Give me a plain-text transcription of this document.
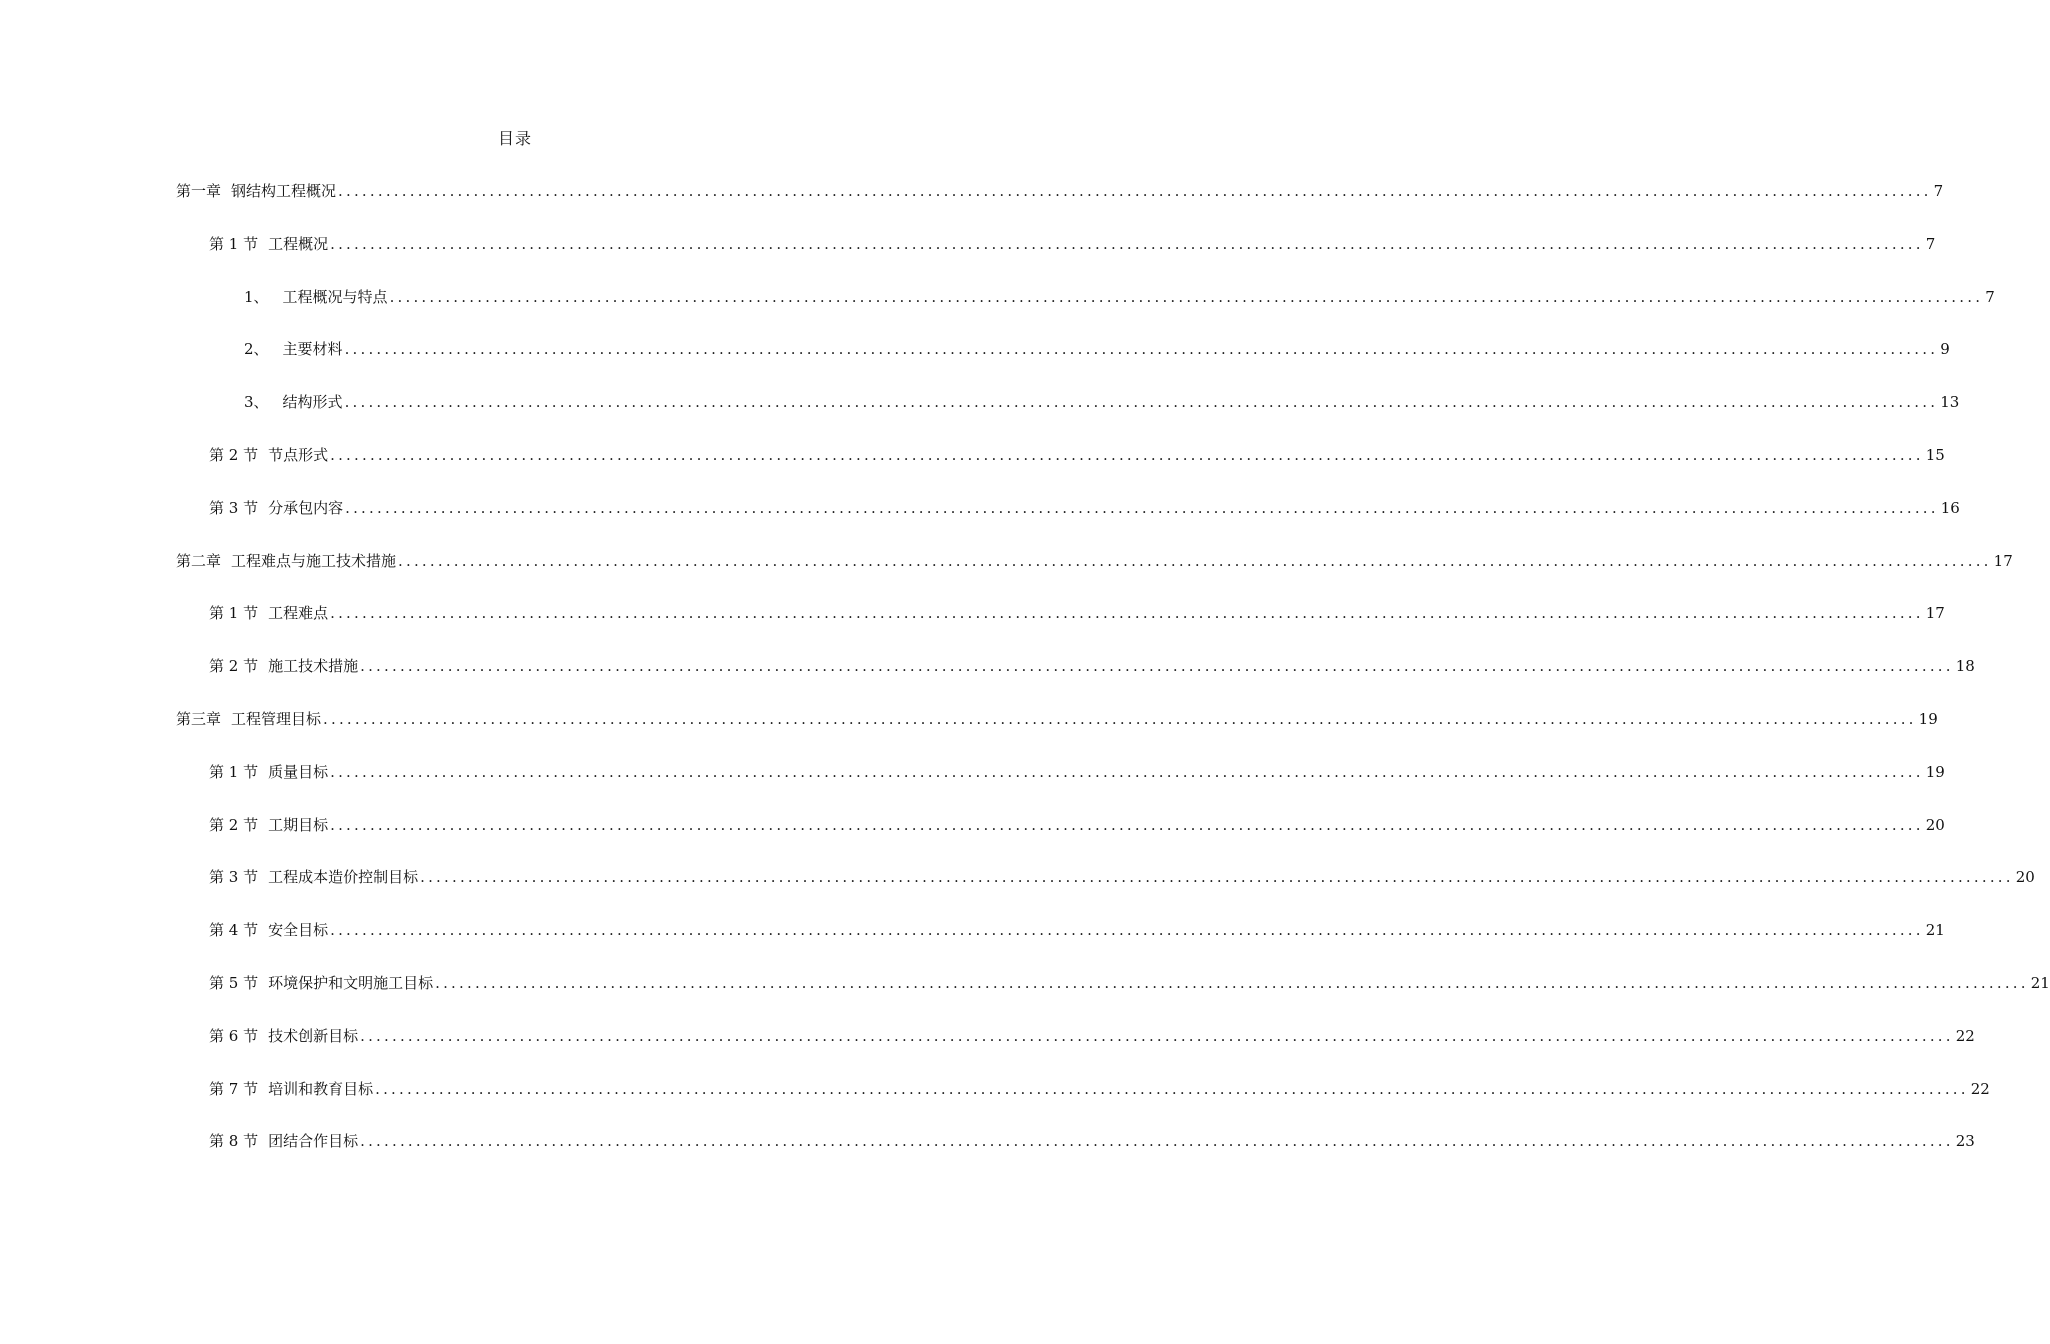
目录
第一章 钢结构工程概况 ........................................................................................................................................................................................................ 7
第 1 节 工程概况 ........................................................................................................................................................................................................ 7
1、 工程概况与特点 ........................................................................................................................................................................................................ 7
2、 主要材料 ........................................................................................................................................................................................................ 9
3、 结构形式 ........................................................................................................................................................................................................ 13
第 2 节 节点形式 ........................................................................................................................................................................................................ 15
第 3 节 分承包内容 ........................................................................................................................................................................................................ 16
第二章 工程难点与施工技术措施 ........................................................................................................................................................................................................ 17
第 1 节 工程难点 ........................................................................................................................................................................................................ 17
第 2 节 施工技术措施 ........................................................................................................................................................................................................ 18
第三章 工程管理目标 ........................................................................................................................................................................................................ 19
第 1 节 质量目标 ........................................................................................................................................................................................................ 19
第 2 节 工期目标 ........................................................................................................................................................................................................ 20
第 3 节 工程成本造价控制目标 ........................................................................................................................................................................................................ 20
第 4 节 安全目标 ........................................................................................................................................................................................................ 21
第 5 节 环境保护和文明施工目标 ........................................................................................................................................................................................................ 21
第 6 节 技术创新目标 ........................................................................................................................................................................................................ 22
第 7 节 培训和教育目标 ........................................................................................................................................................................................................ 22
第 8 节 团结合作目标 ........................................................................................................................................................................................................ 23
